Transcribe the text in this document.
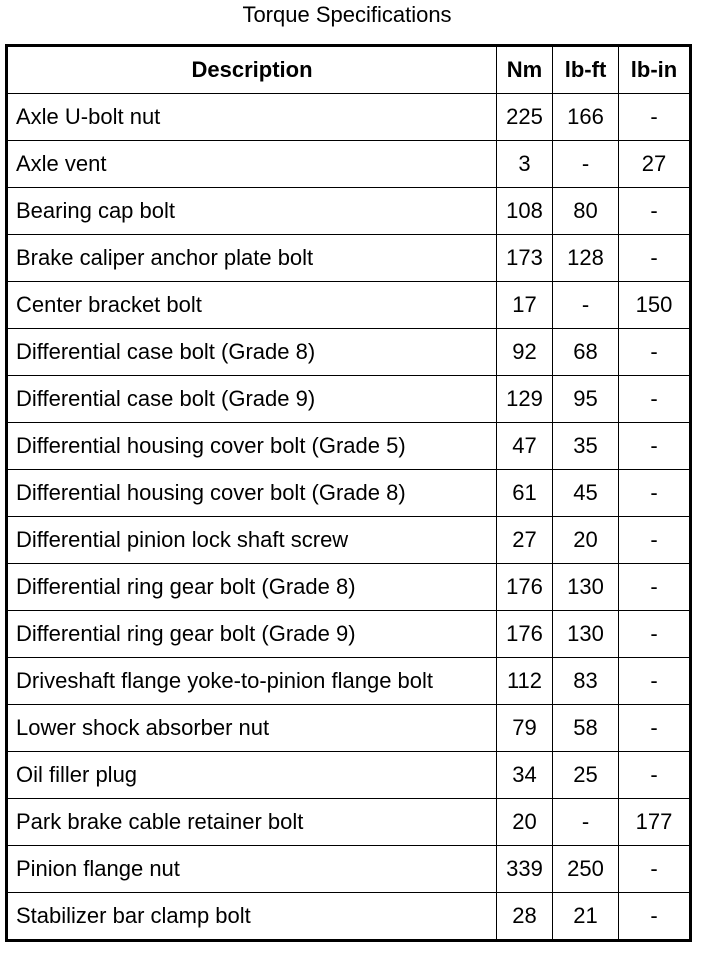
Torque Specifications
Description	Nm	lb-ft	lb-in
Axle U-bolt nut	225	166	-
Axle vent	3	-	27
Bearing cap bolt	108	80	-
Brake caliper anchor plate bolt	173	128	-
Center bracket bolt	17	-	150
Differential case bolt (Grade 8)	92	68	-
Differential case bolt (Grade 9)	129	95	-
Differential housing cover bolt (Grade 5)	47	35	-
Differential housing cover bolt (Grade 8)	61	45	-
Differential pinion lock shaft screw	27	20	-
Differential ring gear bolt (Grade 8)	176	130	-
Differential ring gear bolt (Grade 9)	176	130	-
Driveshaft flange yoke-to-pinion flange bolt	112	83	-
Lower shock absorber nut	79	58	-
Oil filler plug	34	25	-
Park brake cable retainer bolt	20	-	177
Pinion flange nut	339	250	-
Stabilizer bar clamp bolt	28	21	-
